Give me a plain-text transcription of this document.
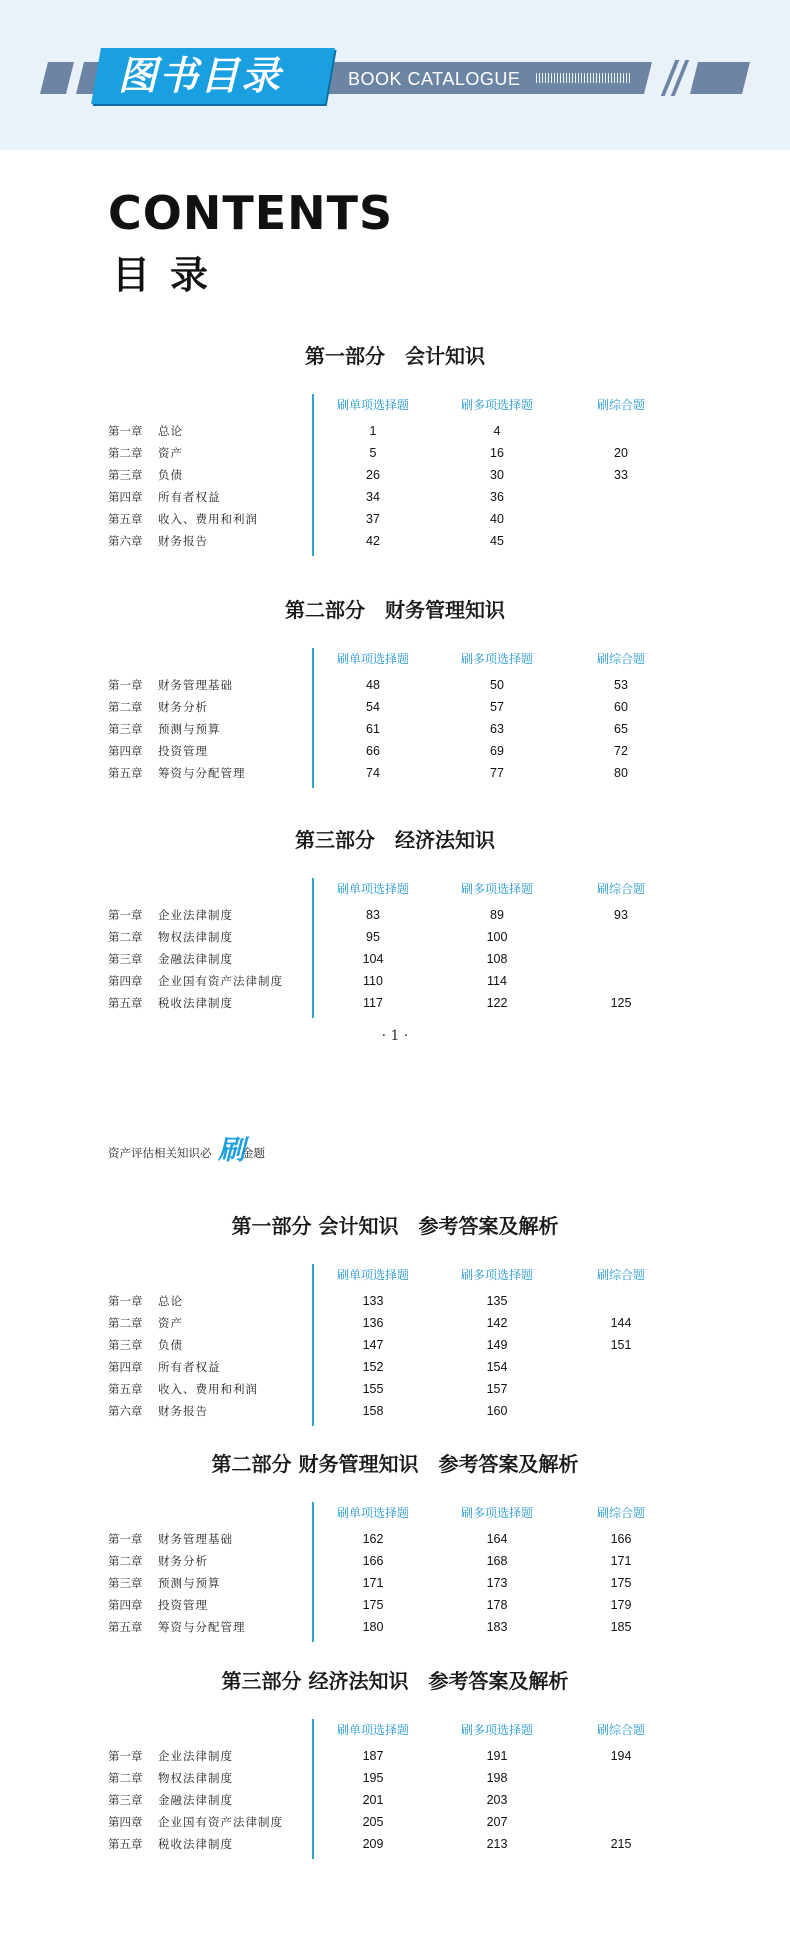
图书目录	BOOK CATALOGUE
CONTENTS
目录
第一部分　会计知识
刷单项选择题	刷多项选择题	刷综合题
第一章 总论	1	4
第二章 资产	5	16	20
第三章 负债	26	30	33
第四章 所有者权益	34	36
第五章 收入、费用和利润	37	40
第六章 财务报告	42	45
第二部分　财务管理知识
刷单项选择题	刷多项选择题	刷综合题
第一章 财务管理基础	48	50	53
第二章 财务分析	54	57	60
第三章 预测与预算	61	63	65
第四章 投资管理	66	69	72
第五章 筹资与分配管理	74	77	80
第三部分　经济法知识
刷单项选择题	刷多项选择题	刷综合题
第一章 企业法律制度	83	89	93
第二章 物权法律制度	95	100
第三章 金融法律制度	104	108
第四章 企业国有资产法律制度	110	114
第五章 税收法律制度	117	122	125
第一部分 会计知识　参考答案及解析
刷单项选择题	刷多项选择题	刷综合题
第一章 总论	133	135
第二章 资产	136	142	144
第三章 负债	147	149	151
第四章 所有者权益	152	154
第五章 收入、费用和利润	155	157
第六章 财务报告	158	160
第二部分 财务管理知识　参考答案及解析
刷单项选择题	刷多项选择题	刷综合题
第一章 财务管理基础	162	164	166
第二章 财务分析	166	168	171
第三章 预测与预算	171	173	175
第四章 投资管理	175	178	179
第五章 筹资与分配管理	180	183	185
第三部分 经济法知识　参考答案及解析
刷单项选择题	刷多项选择题	刷综合题
第一章 企业法律制度	187	191	194
第二章 物权法律制度	195	198
第三章 金融法律制度	201	203
第四章 企业国有资产法律制度	205	207
第五章 税收法律制度	209	213	215
· 1 ·
资产评估相关知识必 刷
金题
